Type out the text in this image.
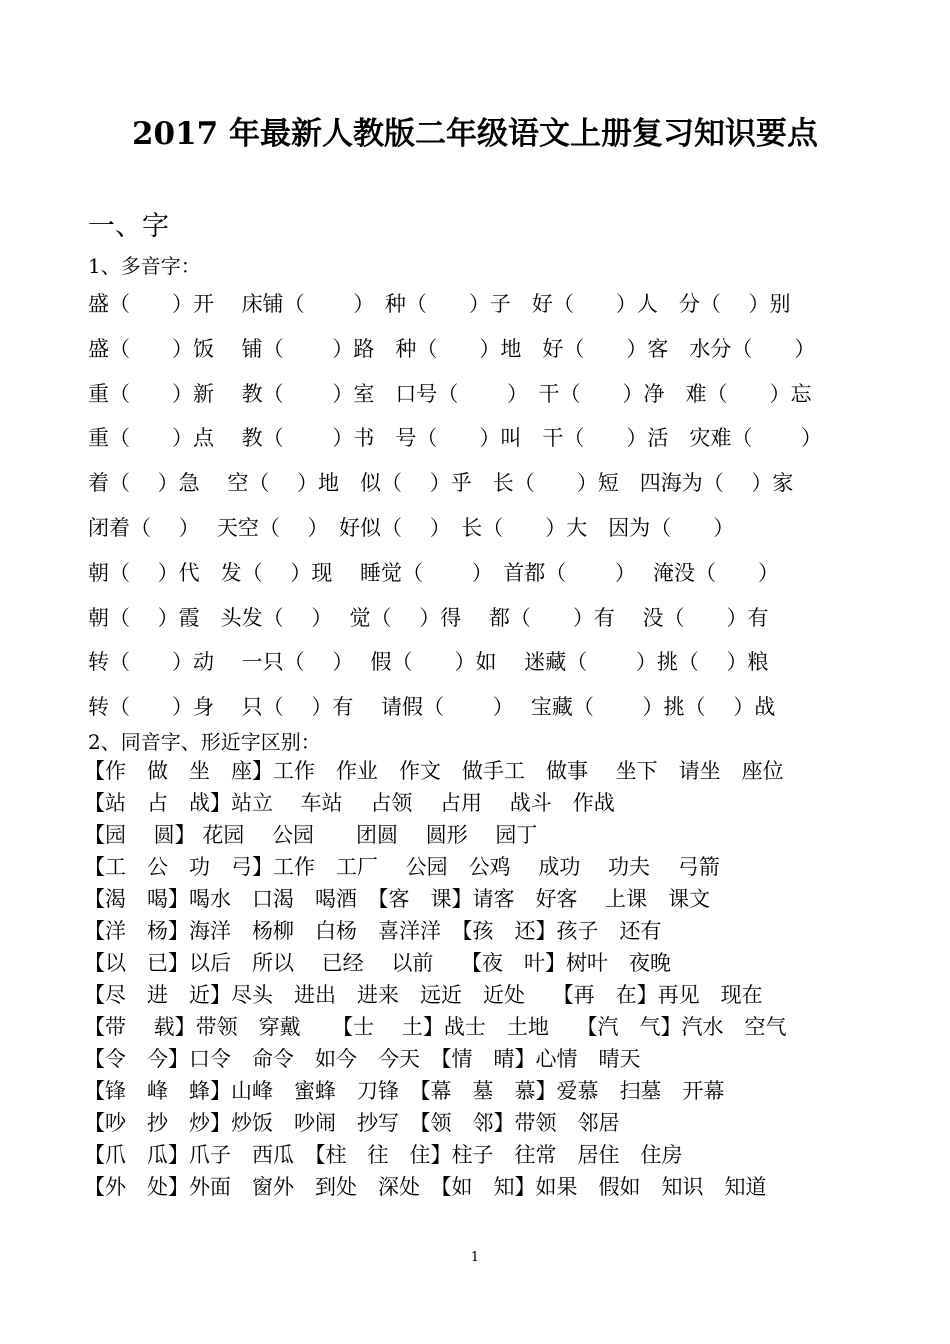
2017 年最新人教版二年级语文上册复习知识要点
一、字
1、多音字：
盛（　　）开　 床铺（　　 ）　种（　　）子　好（　　）人　分（　 ）别
盛（　　）饭　 铺（　　 ）路　种（　　）地　好（　　）客　水分（　　）
重（　　）新　 教（　　 ）室　口号（　　 ）　干（　　）净　难（　　）忘
重（　　）点　 教（　　 ）书　号（　　）叫　干（　　）活　灾难（　　 ）
着（　 ）急　 空（　 ）地　似（　 ）乎　长（　　）短　四海为（　 ）家
闭着（　 ）　 天空（　 ）　好似（　 ）　长（　　）大　因为（　　）
朝（　 ）代　发（　 ）现　 睡觉（　　 ）　首都（　　 ）　 淹没（　　）
朝（　 ）霞　头发（　 ）　 觉（　 ）得　 都（　　）有　 没（　　）有
转（　　）动　 一只（　 ）　 假（　　）如　 迷藏（　　 ）挑（　 ）粮
转（　　）身　 只（　 ）有　 请假（　　 ）　 宝藏（　　 ）挑（　 ）战
2、同音字、形近字区别：
【作　做　坐　座】工作　作业　作文　做手工　做事　 坐下　请坐　座位
【站　占　战】站立　 车站　 占领　 占用　 战斗　作战
【园　 圆】 花园　 公园　　团圆　 圆形　 园丁
【工　公　功　弓】工作　工厂　 公园　公鸡　 成功　 功夫　 弓箭
【渴　喝】喝水　口渴　喝酒　【客　课】请客　好客　 上课　课文
【洋　杨】海洋　杨柳　白杨　喜洋洋　【孩　还】孩子　还有
【以　已】以后　所以　 已经　 以前　 【夜　叶】树叶　夜晚
【尽　进　近】尽头　进出　进来　远近　近处　 【再　在】再见　现在
【带　 载】带领　穿戴　　【士　 土】战士　土地　 【汽　气】汽水　空气
【令　今】口令　命令　如今　今天　【情　晴】心情　晴天
【锋　峰　蜂】山峰　蜜蜂　刀锋　【幕　墓　慕】爱慕　扫墓　开幕
【吵　抄　炒】炒饭　吵闹　抄写　【领　邻】带领　邻居
【爪　瓜】爪子　西瓜　【柱　往　住】柱子　往常　居住　住房
【外　处】外面　窗外　到处　深处　【如　知】如果　假如　知识　知道
1
